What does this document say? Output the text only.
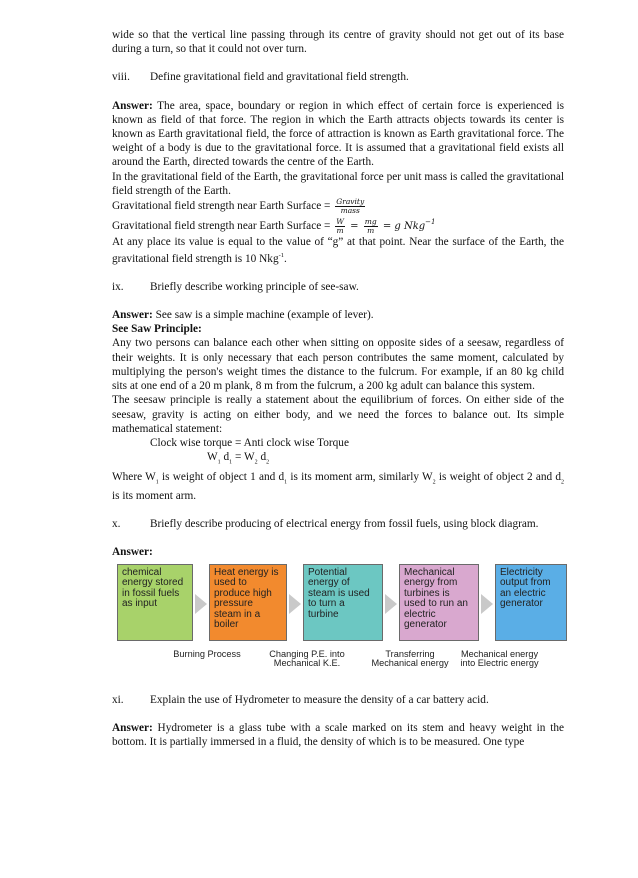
wide so that the vertical line passing through its centre of gravity should not get out of its base during a turn, so that it could not over turn.

viii.	Define gravitational field and gravitational field strength.

Answer: The area, space, boundary or region in which effect of certain force is experienced is known as field of that force. The region in which the Earth attracts objects towards its center is known as Earth gravitational field, the force of attraction is known as Earth gravitational force. The weight of a body is due to the gravitational force. It is assumed that a gravitational field exists all around the Earth, directed towards the centre of the Earth.

In the gravitational field of the Earth, the gravitational force per unit mass is called the gravitational field strength of the Earth.

Gravitational field strength near Earth Surface = $\frac{\text{Gravity}}{\text{mass}}$

Gravitational field strength near Earth Surface = $\frac{W}{m} = \frac{mg}{m} = g$ Nkg$^{-1}$

At any place its value is equal to the value of “g” at that point. Near the surface of the Earth, the gravitational field strength is 10 Nkg$^{-1}$.

ix.	Briefly describe working principle of see-saw.

Answer: See saw is a simple machine (example of lever).

See Saw Principle:

Any two persons can balance each other when sitting on opposite sides of a seesaw, regardless of their weights. It is only necessary that each person contributes the same moment, calculated by multiplying the person's weight times the distance to the fulcrum. For example, if an 80 kg child sits at one end of a 20 m plank, 8 m from the fulcrum, a 200 kg adult can balance this system.

The seesaw principle is really a statement about the equilibrium of forces. On either side of the seesaw, gravity is acting on either body, and we need the forces to balance out. Its simple mathematical statement:

Clock wise torque = Anti clock wise Torque

$W_1$ $d_1 = W_2$ $d_2$

Where $W_1$ is weight of object 1 and $d_1$ is its moment arm, similarly $W_2$ is weight of object 2 and $d_2$ is its moment arm.

x.	Briefly describe producing of electrical energy from fossil fuels, using block diagram.

Answer:

chemical energy stored in fossil fuels as input
Heat energy is used to produce high pressure steam in a boiler
Potential energy of steam is used to turn a turbine
Mechanical energy from turbines is used to run an electric generator
Electricity output from an electric generator
Burning Process	Changing P.E. into Mechanical K.E.
Transferring Mechanical energy
Mechanical energy into Electric energy
xi.	Explain the use of Hydrometer to measure the density of a car battery acid.

Answer: Hydrometer is a glass tube with a scale marked on its stem and heavy weight in the bottom. It is partially immersed in a fluid, the density of which is to be measured. One type
